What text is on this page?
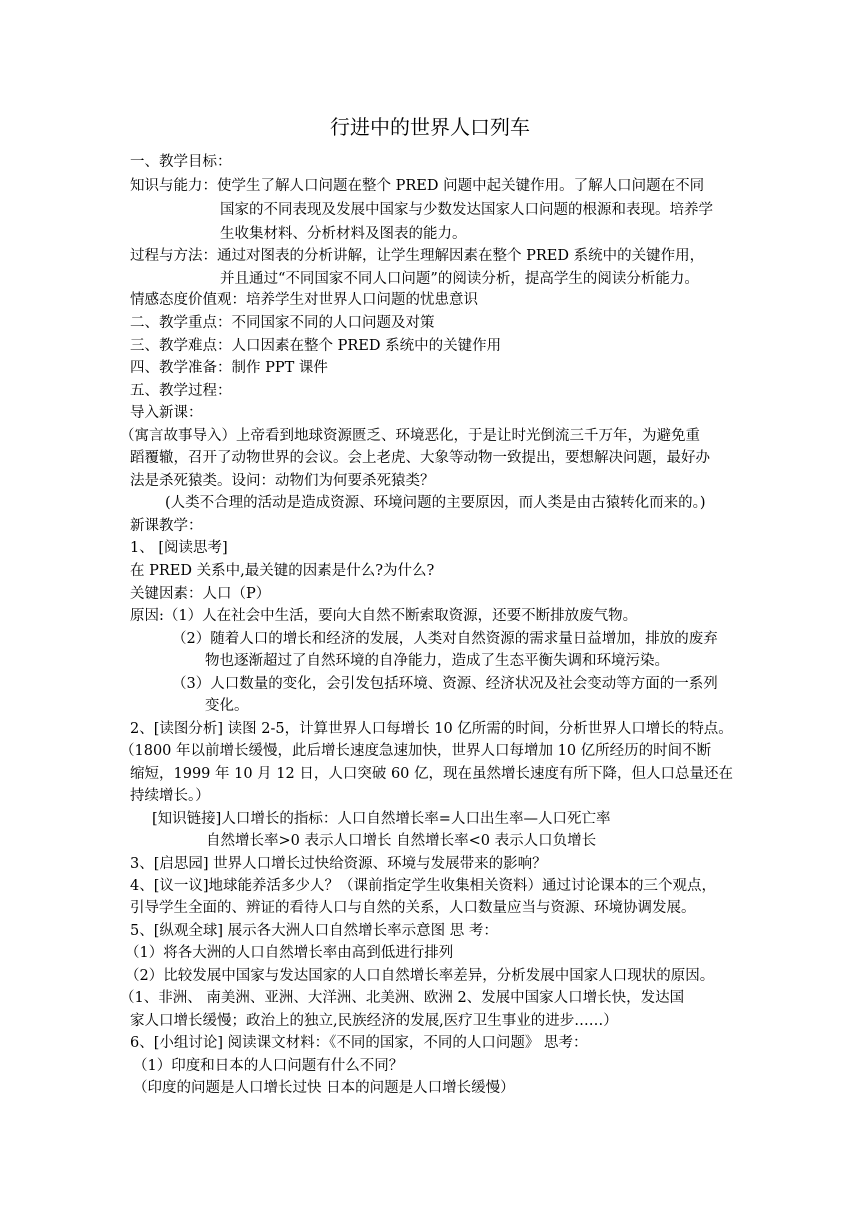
行进中的世界人口列车
一、教学目标：
知识与能力：使学生了解人口问题在整个 PRED 问题中起关键作用。了解人口问题在不同
国家的不同表现及发展中国家与少数发达国家人口问题的根源和表现。培养学
生收集材料、分析材料及图表的能力。
过程与方法：通过对图表的分析讲解，让学生理解因素在整个 PRED 系统中的关键作用，
并且通过“不同国家不同人口问题”的阅读分析，提高学生的阅读分析能力。
情感态度价值观：培养学生对世界人口问题的忧患意识
二、教学重点：不同国家不同的人口问题及对策
三、教学难点：人口因素在整个 PRED 系统中的关键作用
四、教学准备：制作 PPT 课件
五、教学过程：
导入新课：
（寓言故事导入）上帝看到地球资源匮乏、环境恶化，于是让时光倒流三千万年，为避免重
蹈覆辙，召开了动物世界的会议。会上老虎、大象等动物一致提出，要想解决问题，最好办
法是杀死猿类。设问：动物们为何要杀死猿类？
(人类不合理的活动是造成资源、环境问题的主要原因，而人类是由古猿转化而来的。)
新课教学：
1、 [阅读思考]
在 PRED 关系中,最关键的因素是什么?为什么?
关键因素：人口（P）
原因:（1）人在社会中生活，要向大自然不断索取资源，还要不断排放废气物。
（2）随着人口的增长和经济的发展，人类对自然资源的需求量日益增加，排放的废弃
物也逐渐超过了自然环境的自净能力，造成了生态平衡失调和环境污染。
（3）人口数量的变化，会引发包括环境、资源、经济状况及社会变动等方面的一系列
变化。
2、[读图分析] 读图 2-5，计算世界人口每增长 10 亿所需的时间，分析世界人口增长的特点。
（1800 年以前增长缓慢，此后增长速度急速加快，世界人口每增加 10 亿所经历的时间不断
缩短，1999 年 10 月 12 日，人口突破 60 亿，现在虽然增长速度有所下降，但人口总量还在
持续增长。）
[知识链接]人口增长的指标：人口自然增长率=人口出生率—人口死亡率
自然增长率>0 表示人口增长 自然增长率<0 表示人口负增长
3、[启思园] 世界人口增长过快给资源、环境与发展带来的影响？
4、[议一议]地球能养活多少人？（课前指定学生收集相关资料）通过讨论课本的三个观点，
引导学生全面的、辨证的看待人口与自然的关系，人口数量应当与资源、环境协调发展。
5、[纵观全球] 展示各大洲人口自然增长率示意图 思 考：
（1）将各大洲的人口自然增长率由高到低进行排列
（2）比较发展中国家与发达国家的人口自然增长率差异，分析发展中国家人口现状的原因。
（1、非洲、 南美洲、亚洲、大洋洲、北美洲、欧洲 2、发展中国家人口增长快，发达国
家人口增长缓慢；政治上的独立,民族经济的发展,医疗卫生事业的进步……）
6、[小组讨论] 阅读课文材料：《不同的国家，不同的人口问题》 思考：
（1）印度和日本的人口问题有什么不同？
（印度的问题是人口增长过快 日本的问题是人口增长缓慢）
